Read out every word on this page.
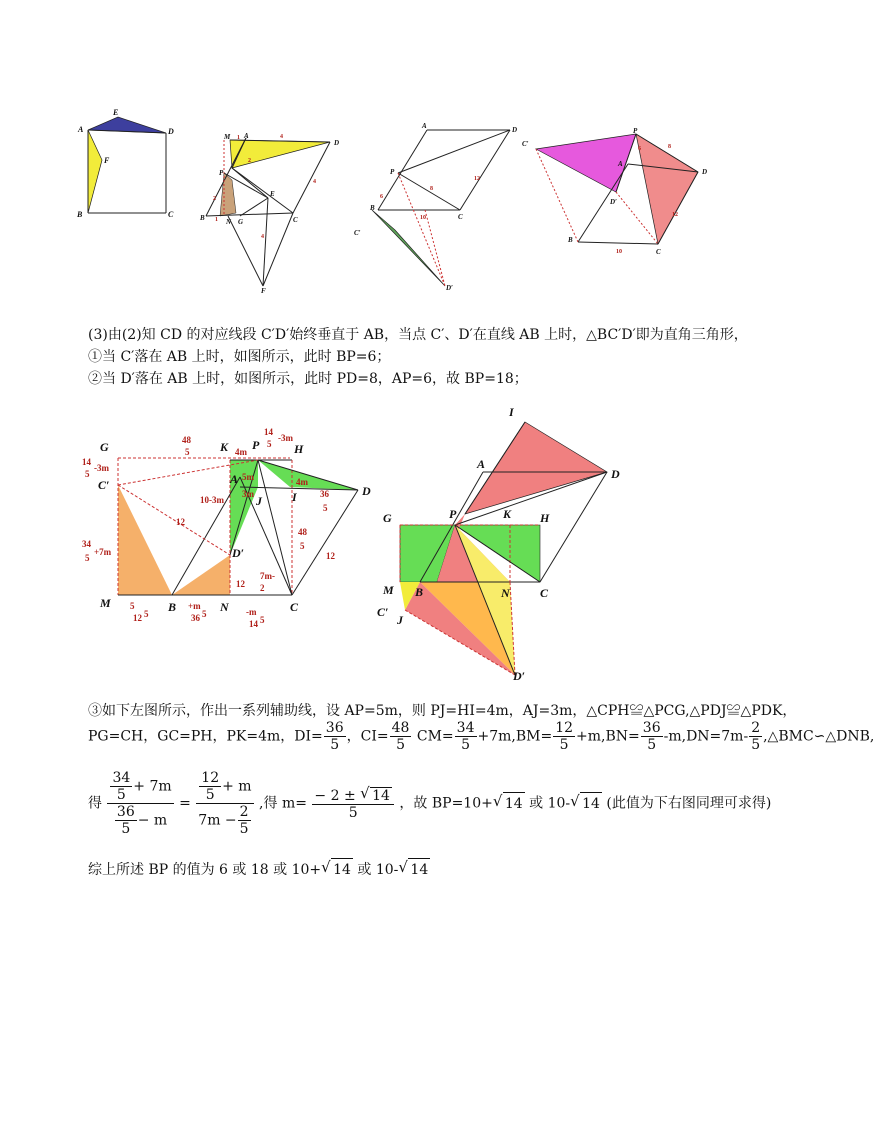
A
E
D
F
B	C
M 1 A
P
B	N G
E
C
D
F
4
2
2
1
4
4
A	D
P
B
C
C′
D′
6
8
12
10
C′
P
A
D
D′
B
C
6	8
12
10
(3)由(2)知 CD 的对应线段 C′D′始终垂直于 AB，当点 C′、D′在直线 AB 上时，△BC′D′即为直角三角形，
①当 C′落在 AB 上时，如图所示，此时 BP=6；
②当 D′落在 AB 上时，如图所示，此时 PD=8，AP=6，故 BP=18；
G	K P	H
C′	A
J	I	D
D′
M	B	N	C
48
5
14
5
-3m
4m
14
5
-3m
5m
3m
4m
36
5
10-3m
12
34
5
+7m
48
5
12
12
7m-
2
5
12 5
+m
36 5	-m
14 5
I
A
D
G	P	K H
M B	N	C
C′
J
D′
③如下左图所示，作出一系列辅助线，设 AP=5m，则 PJ=HI=4m，AJ=3m，△CPH≌△PCG,△PDJ≌△PDK，
PG=CH，GC=PH，PK=4m，$DI= \frac{36}{5}$ ，$CI= \frac{48}{5} CM= \frac{34}{5} +7m,BM= \frac{12}{5} +m,BN= \frac{36}{5} -m,DN=7m- \frac{2}{5}$ ,△BMC∽△DNB,
得 $\frac{\frac{34}{5} + 7m}{\frac{36}{5} - m} = \frac{\frac{12}{5} + m}{7m - \frac{2}{5}}$ ,得 $m= \frac{- 2 \pm √ 14}{5}$ ，故 BP=10+ √ 14 或 10- √ 14 (此值为下右图同理可求得)
综上所述 BP 的值为 6 或 18 或 10+ √ 14 或 10- √ 14
